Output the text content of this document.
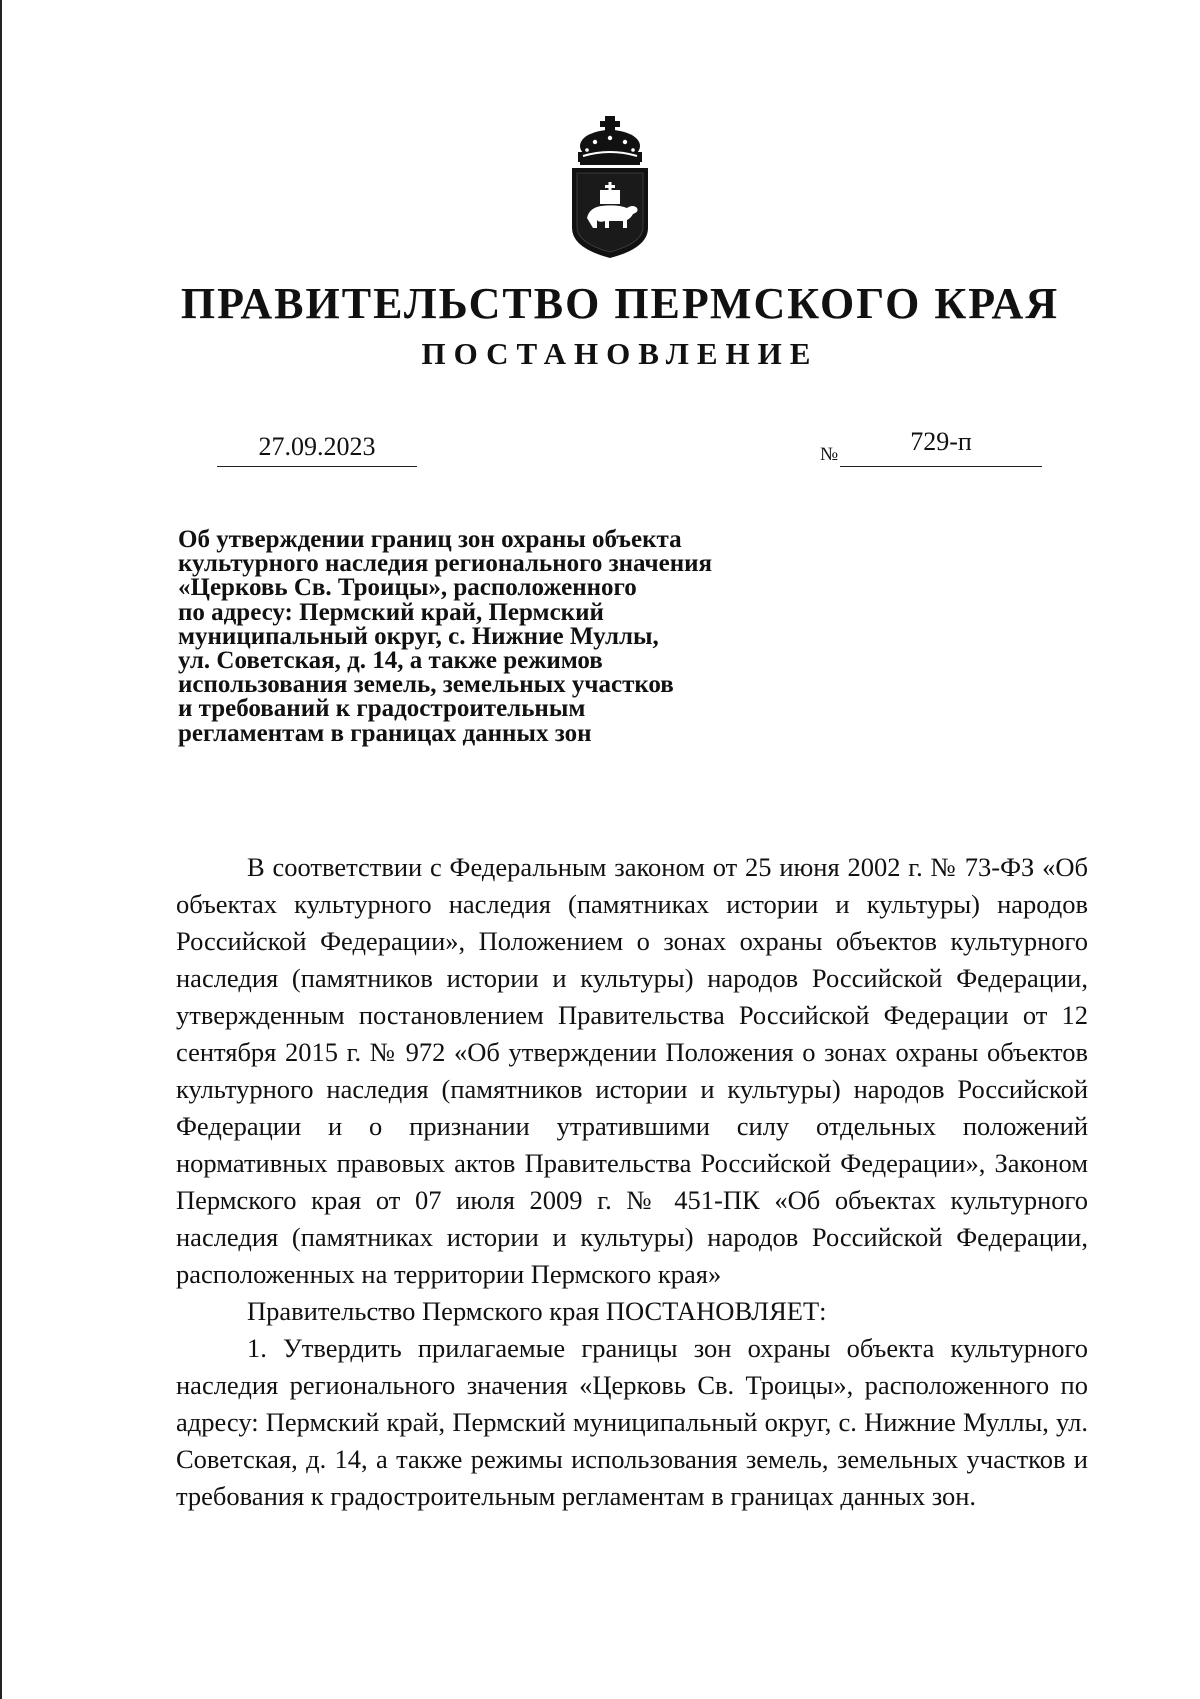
ПРАВИТЕЛЬСТВО ПЕРМСКОГО КРАЯ
ПОСТАНОВЛЕНИЕ
27.09.2023	№	729-п
Об утверждении границ зон охраны объекта
культурного наследия регионального значения
«Церковь Св. Троицы», расположенного
по адресу: Пермский край, Пермский
муниципальный округ, с. Нижние Муллы,
ул. Советская, д. 14, а также режимов
использования земель, земельных участков
и требований к градостроительным
регламентам в границах данных зон

В соответствии с Федеральным законом от 25 июня 2002 г. № 73-ФЗ «Об объектах культурного наследия (памятниках истории и культуры) народов Российской Федерации», Положением о зонах охраны объектов культурного наследия (памятников истории и культуры) народов Российской Федерации, утвержденным постановлением Правительства Российской Федерации от 12 сентября 2015 г. № 972 «Об утверждении Положения о зонах охраны объектов культурного наследия (памятников истории и культуры) народов Российской Федерации и о признании утратившими силу отдельных положений нормативных правовых актов Правительства Российской Федерации», Законом Пермского края от 07 июля 2009 г. № 451-ПК «Об объектах культурного наследия (памятниках истории и культуры) народов Российской Федерации, расположенных на территории Пермского края»

Правительство Пермского края ПОСТАНОВЛЯЕТ:

1. Утвердить прилагаемые границы зон охраны объекта культурного наследия регионального значения «Церковь Св. Троицы», расположенного по адресу: Пермский край, Пермский муниципальный округ, с. Нижние Муллы, ул. Советская, д. 14, а также режимы использования земель, земельных участков и требования к градостроительным регламентам в границах данных зон.
